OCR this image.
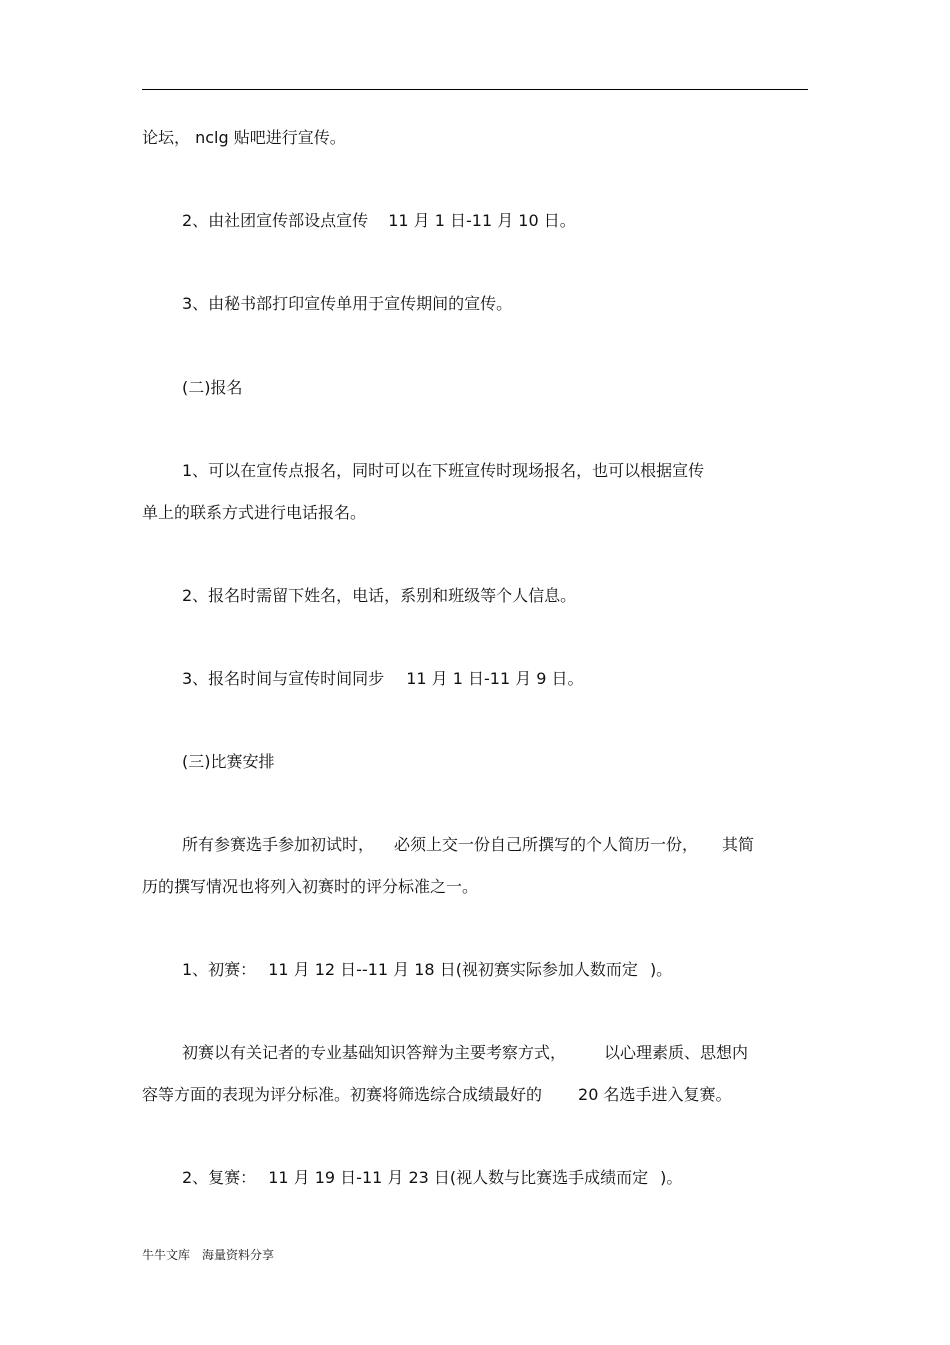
论坛， nclg 贴吧进行宣传。
2、由社团宣传部设点宣传 11 月 1 日-11 月 10 日。
3、由秘书部打印宣传单用于宣传期间的宣传。
(二)报名
1、可以在宣传点报名，同时可以在下班宣传时现场报名，也可以根据宣传
单上的联系方式进行电话报名。
2、报名时需留下姓名，电话，系别和班级等个人信息。
3、报名时间与宣传时间同步 11 月 1 日-11 月 9 日。
(三)比赛安排
所有参赛选手参加初试时， 必须上交一份自己所撰写的个人简历一份， 其简
历的撰写情况也将列入初赛时的评分标准之一。
1、初赛： 11 月 12 日--11 月 18 日(视初赛实际参加人数而定 )。
初赛以有关记者的专业基础知识答辩为主要考察方式， 以心理素质、思想内
容等方面的表现为评分标准。初赛将筛选综合成绩最好的 20 名选手进入复赛。
2、复赛： 11 月 19 日-11 月 23 日(视人数与比赛选手成绩而定 )。
牛牛文库 海量资料分享
